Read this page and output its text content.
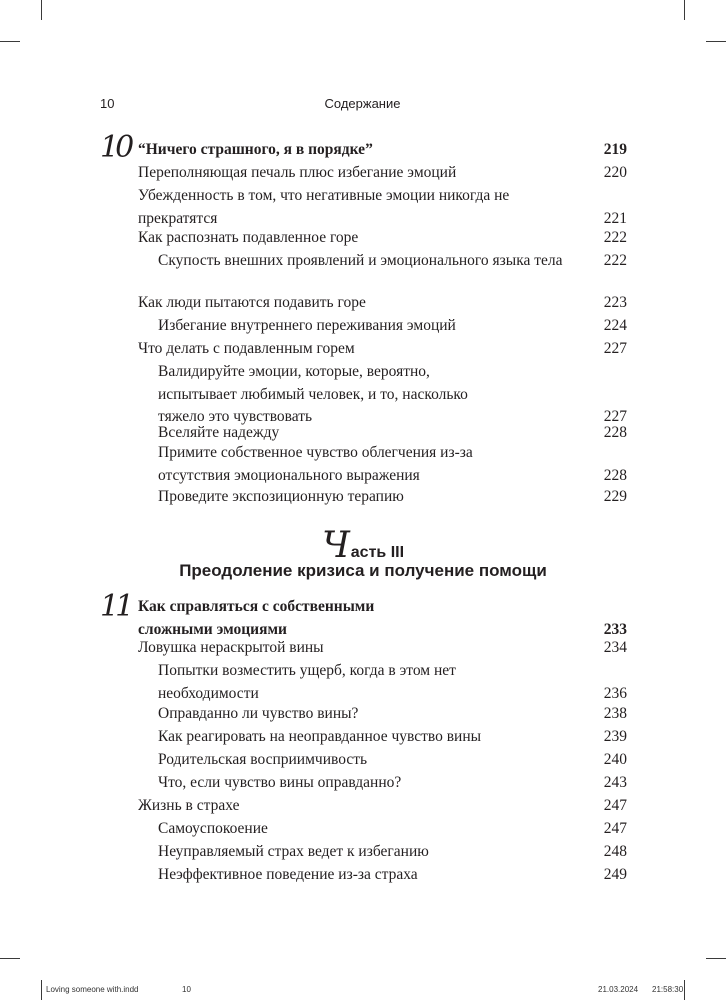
10	Содержание
10 “Ничего страшного, я в порядке”	219
Переполняющая печаль плюс избегание эмоций	220
Убежденность в том, что негативные эмоции никогда не прекратятся	221
Как распознать подавленное горе	222
Скупость внешних проявлений и эмоционального языка тела	222
Как люди пытаются подавить горе	223
Избегание внутреннего переживания эмоций	224
Что делать с подавленным горем	227
Валидируйте эмоции, которые, вероятно, испытывает любимый человек, и то, насколько тяжело это чувствовать	227
Вселяйте надежду	228
Примите собственное чувство облегчения из-за отсутствия эмоционального выражения	228
Проведите экспозиционную терапию	229
Часть III
Преодоление кризиса и получение помощи
11 Как справляться с собственными сложными эмоциями	233
Ловушка нераскрытой вины	234
Попытки возместить ущерб, когда в этом нет необходимости	236
Оправданно ли чувство вины?	238
Как реагировать на неоправданное чувство вины	239
Родительская восприимчивость	240
Что, если чувство вины оправданно?	243
Жизнь в страхе	247
Самоуспокоение	247
Неуправляемый страх ведет к избеганию	248
Неэффективное поведение из-за страха	249
Loving someone with.indd	10	21.03.2024 21:58:30
